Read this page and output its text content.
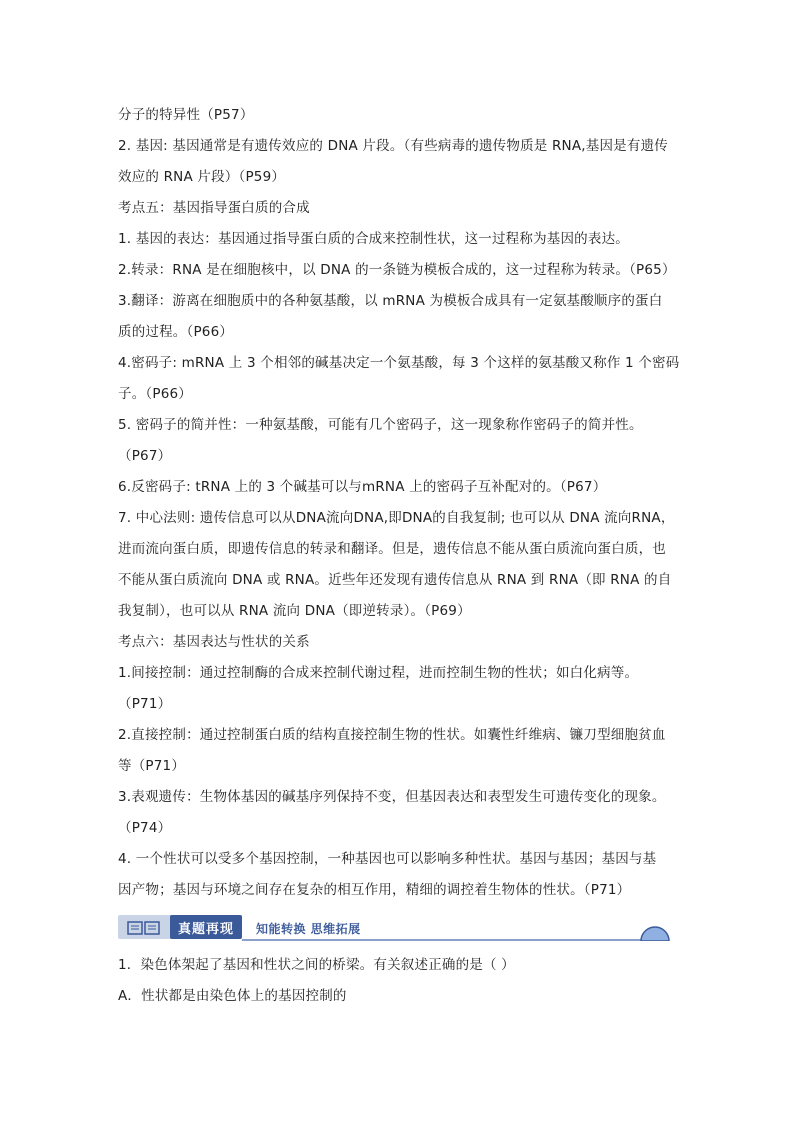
分子的特异性（P57）
2. 基因: 基因通常是有遗传效应的 DNA 片段。（有些病毒的遗传物质是 RNA,基因是有遗传
效应的 RNA 片段）（P59）
考点五：基因指导蛋白质的合成
1. 基因的表达：基因通过指导蛋白质的合成来控制性状，这一过程称为基因的表达。
2.转录：RNA 是在细胞核中，以 DNA 的一条链为模板合成的，这一过程称为转录。（P65）
3.翻译：游离在细胞质中的各种氨基酸，以 mRNA 为模板合成具有一定氨基酸顺序的蛋白
质的过程。（P66）
4.密码子: mRNA 上 3 个相邻的碱基决定一个氨基酸，每 3 个这样的氨基酸又称作 1 个密码
子。（P66）
5. 密码子的简并性：一种氨基酸，可能有几个密码子，这一现象称作密码子的简并性。
（P67）
6.反密码子: tRNA 上的 3 个碱基可以与mRNA 上的密码子互补配对的。（P67）
7. 中心法则: 遗传信息可以从DNA流向DNA,即DNA的自我复制; 也可以从 DNA 流向RNA，
进而流向蛋白质，即遗传信息的转录和翻译。但是，遗传信息不能从蛋白质流向蛋白质，也
不能从蛋白质流向 DNA 或 RNA。近些年还发现有遗传信息从 RNA 到 RNA（即 RNA 的自
我复制），也可以从 RNA 流向 DNA（即逆转录）。（P69）
考点六：基因表达与性状的关系
1.间接控制：通过控制酶的合成来控制代谢过程，进而控制生物的性状；如白化病等。
（P71）
2.直接控制：通过控制蛋白质的结构直接控制生物的性状。如囊性纤维病、镰刀型细胞贫血
等（P71）
3.表观遗传：生物体基因的碱基序列保持不变，但基因表达和表型发生可遗传变化的现象。
（P74）
4. 一个性状可以受多个基因控制，一种基因也可以影响多种性状。基因与基因；基因与基
因产物；基因与环境之间存在复杂的相互作用，精细的调控着生物体的性状。（P71）
真题再现 知能转换 思维拓展
1．染色体架起了基因和性状之间的桥梁。有关叙述正确的是（ ）
A．性状都是由染色体上的基因控制的
